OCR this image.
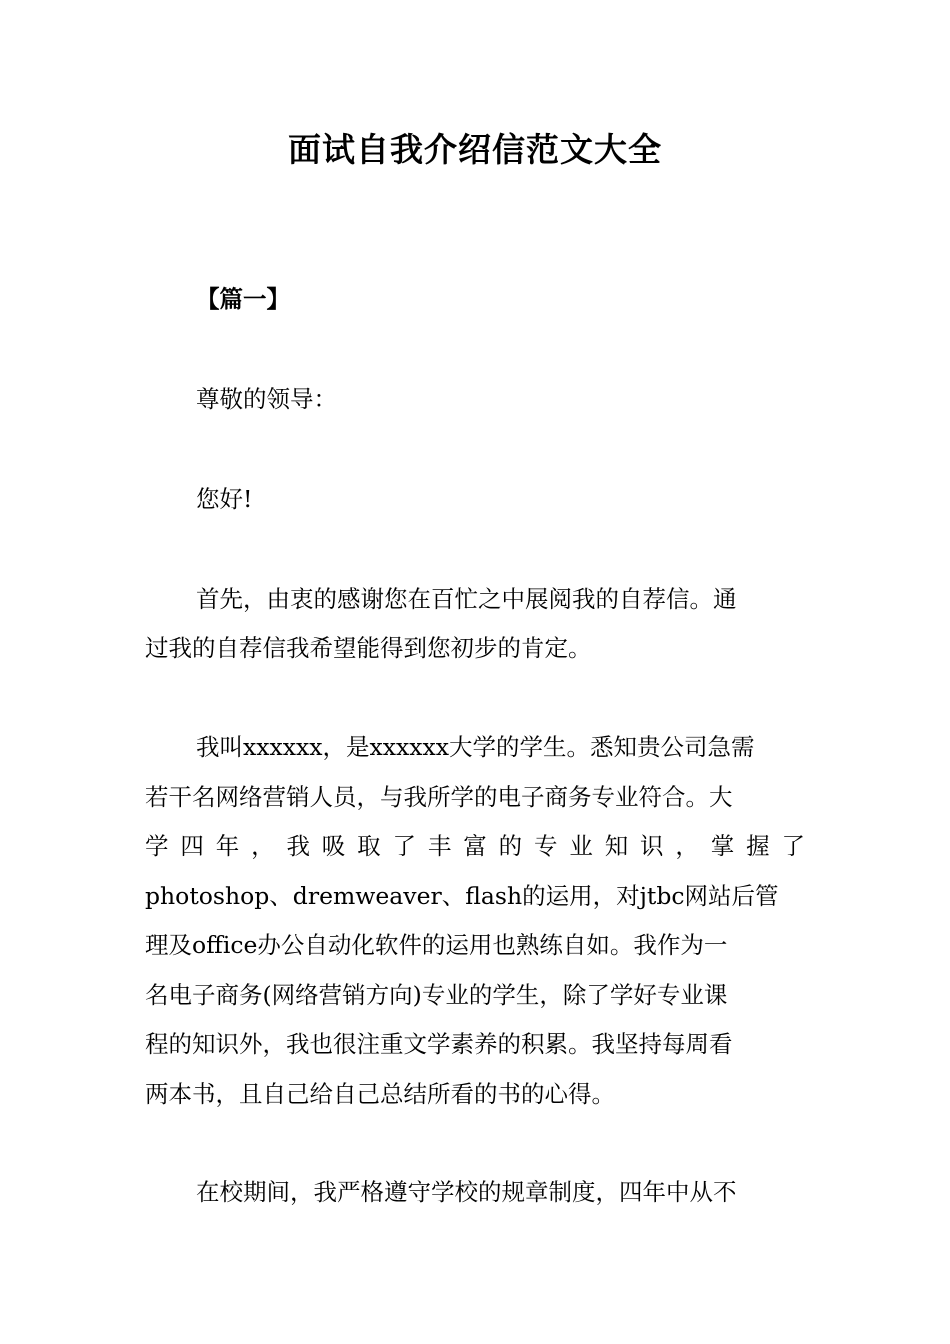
面试自我介绍信范文大全

【篇一】

尊敬的领导：

您好!

首先，由衷的感谢您在百忙之中展阅我的自荐信。通

过我的自荐信我希望能得到您初步的肯定。

我叫xxxxxx，是xxxxxx大学的学生。悉知贵公司急需

若干名网络营销人员，与我所学的电子商务专业符合。大

学四年，我吸取了丰富的专业知识，掌握了

photoshop、dremweaver、flash的运用，对jtbc网站后管

理及office办公自动化软件的运用也熟练自如。我作为一

名电子商务(网络营销方向)专业的学生，除了学好专业课

程的知识外，我也很注重文学素养的积累。我坚持每周看

两本书，且自己给自己总结所看的书的心得。

在校期间，我严格遵守学校的规章制度，四年中从不
